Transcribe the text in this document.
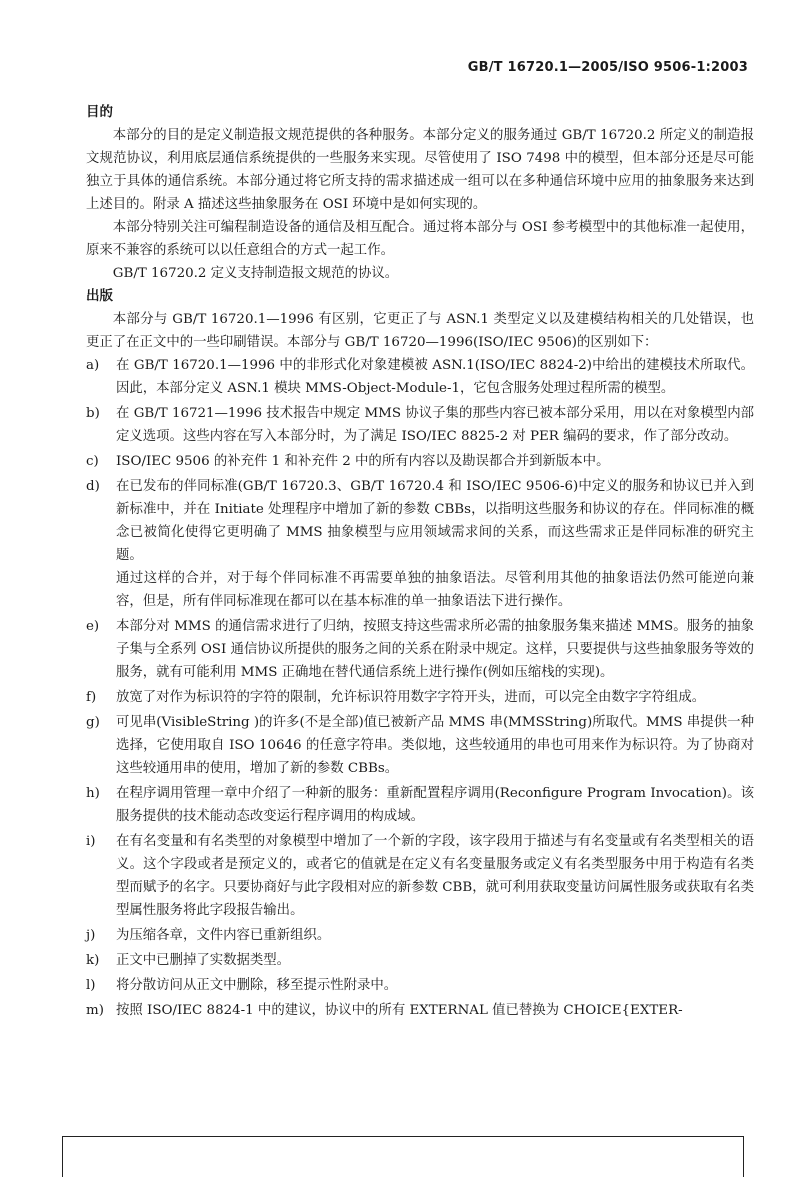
GB/T 16720.1—2005/ISO 9506-1:2003
目的

本部分的目的是定义制造报文规范提供的各种服务。本部分定义的服务通过 GB/T 16720.2 所定义的制造报文规范协议，利用底层通信系统提供的一些服务来实现。尽管使用了 ISO 7498 中的模型，但本部分还是尽可能独立于具体的通信系统。本部分通过将它所支持的需求描述成一组可以在多种通信环境中应用的抽象服务来达到上述目的。附录 A 描述这些抽象服务在 OSI 环境中是如何实现的。

本部分特别关注可编程制造设备的通信及相互配合。通过将本部分与 OSI 参考模型中的其他标准一起使用，原来不兼容的系统可以以任意组合的方式一起工作。

GB/T 16720.2 定义支持制造报文规范的协议。

出版

本部分与 GB/T 16720.1—1996 有区别，它更正了与 ASN.1 类型定义以及建模结构相关的几处错误，也更正了在正文中的一些印刷错误。本部分与 GB/T 16720—1996(ISO/IEC 9506)的区别如下：

a) 在 GB/T 16720.1—1996 中的非形式化对象建模被 ASN.1(ISO/IEC 8824-2)中给出的建模技术所取代。因此，本部分定义 ASN.1 模块 MMS-Object-Module-1，它包含服务处理过程所需的模型。
b) 在 GB/T 16721—1996 技术报告中规定 MMS 协议子集的那些内容已被本部分采用，用以在对象模型内部定义选项。这些内容在写入本部分时，为了满足 ISO/IEC 8825-2 对 PER 编码的要求，作了部分改动。
c) ISO/IEC 9506 的补充件 1 和补充件 2 中的所有内容以及勘误都合并到新版本中。
d) 在已发布的伴同标准(GB/T 16720.3、GB/T 16720.4 和 ISO/IEC 9506-6)中定义的服务和协议已并入到新标准中，并在 Initiate 处理程序中增加了新的参数 CBBs，以指明这些服务和协议的存在。伴同标准的概念已被简化使得它更明确了 MMS 抽象模型与应用领域需求间的关系，而这些需求正是伴同标准的研究主题。
通过这样的合并，对于每个伴同标准不再需要单独的抽象语法。尽管利用其他的抽象语法仍然可能逆向兼容，但是，所有伴同标准现在都可以在基本标准的单一抽象语法下进行操作。
e) 本部分对 MMS 的通信需求进行了归纳，按照支持这些需求所必需的抽象服务集来描述 MMS。服务的抽象子集与全系列 OSI 通信协议所提供的服务之间的关系在附录中规定。这样，只要提供与这些抽象服务等效的服务，就有可能利用 MMS 正确地在替代通信系统上进行操作(例如压缩栈的实现)。
f) 放宽了对作为标识符的字符的限制，允许标识符用数字字符开头，进而，可以完全由数字字符组成。
g) 可见串(VisibleString )的许多(不是全部)值已被新产品 MMS 串(MMSString)所取代。MMS 串提供一种选择，它使用取自 ISO 10646 的任意字符串。类似地，这些较通用的串也可用来作为标识符。为了协商对这些较通用串的使用，增加了新的参数 CBBs。
h) 在程序调用管理一章中介绍了一种新的服务：重新配置程序调用(Reconfigure Program Invocation)。该服务提供的技术能动态改变运行程序调用的构成域。
i) 在有名变量和有名类型的对象模型中增加了一个新的字段，该字段用于描述与有名变量或有名类型相关的语义。这个字段或者是预定义的，或者它的值就是在定义有名变量服务或定义有名类型服务中用于构造有名类型而赋予的名字。只要协商好与此字段相对应的新参数 CBB，就可利用获取变量访问属性服务或获取有名类型属性服务将此字段报告输出。
j) 为压缩各章，文件内容已重新组织。
k) 正文中已删掉了实数据类型。
l) 将分散访问从正文中删除，移至提示性附录中。
m) 按照 ISO/IEC 8824-1 中的建议，协议中的所有 EXTERNAL 值已替换为 CHOICE{EXTER-
